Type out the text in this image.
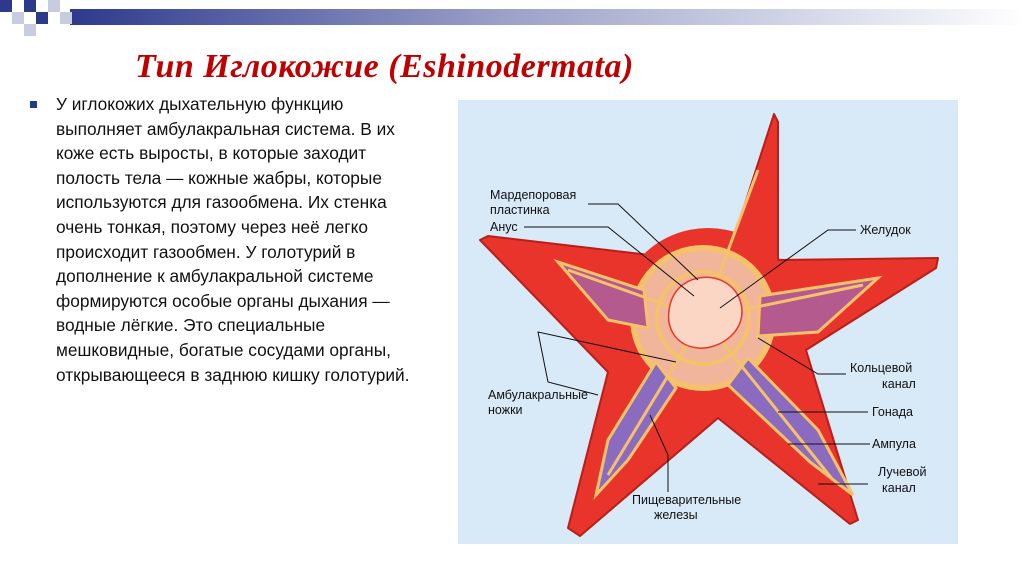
Тип Иглокожие (Eshinodermata)
У иглокожих дыхательную функцию выполняет амбулакральная система. В их коже есть выросты, в которые заходит полость тела — кожные жабры, которые используются для газообмена. Их стенка очень тонкая, поэтому через неё легко происходит газообмен. У голотурий в дополнение к амбулакральной системе формируются особые органы дыхания — водные лёгкие. Это специальные мешковидные, богатые сосудами органы, открывающееся в заднюю кишку голотурий.
Мардепоровая
пластинка
Анус	Желудок
Амбулакральные
ножки
Кольцевой
канал
Гонада
Ампула
Лучевой
канал
Пищеварительные
железы
